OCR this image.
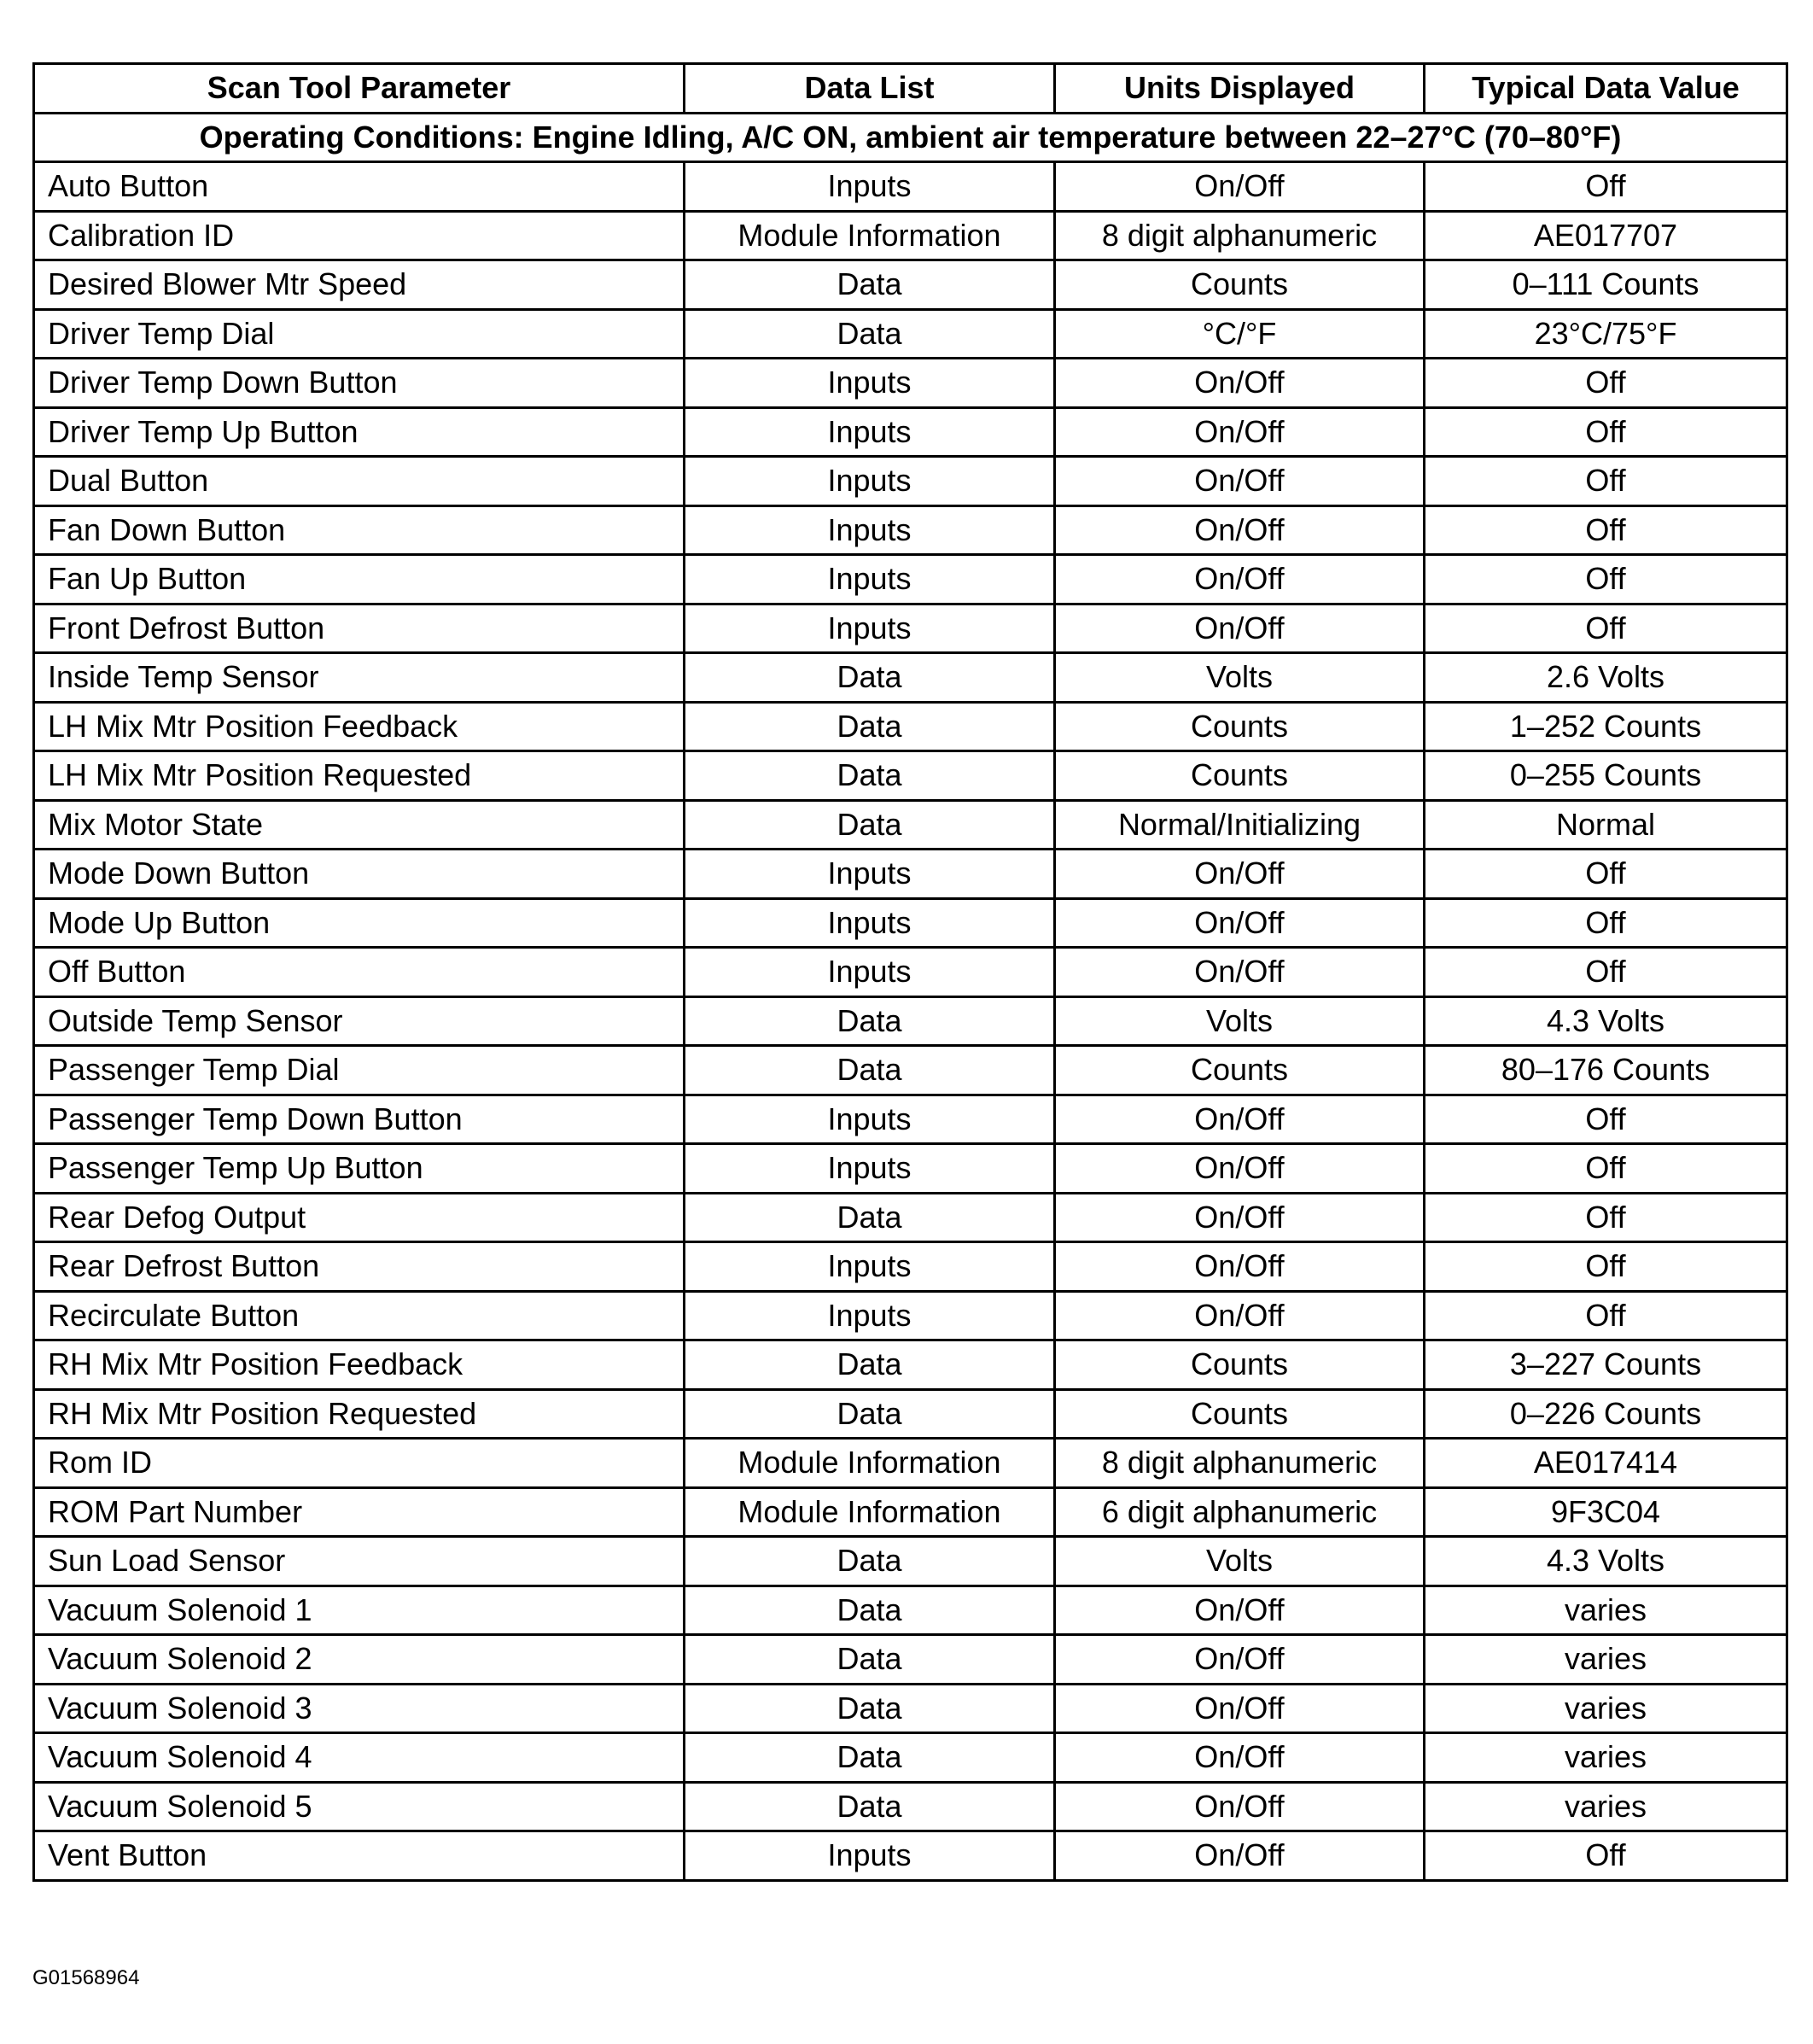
Scan Tool Parameter	Data List	Units Displayed	Typical Data Value
Operating Conditions: Engine Idling, A/C ON, ambient air temperature between 22–27°C (70–80°F)			
Auto Button	Inputs	On/Off	Off
Calibration ID	Module Information	8 digit alphanumeric	AE017707
Desired Blower Mtr Speed	Data	Counts	0–111 Counts
Driver Temp Dial	Data	°C/°F	23°C/75°F
Driver Temp Down Button	Inputs	On/Off	Off
Driver Temp Up Button	Inputs	On/Off	Off
Dual Button	Inputs	On/Off	Off
Fan Down Button	Inputs	On/Off	Off
Fan Up Button	Inputs	On/Off	Off
Front Defrost Button	Inputs	On/Off	Off
Inside Temp Sensor	Data	Volts	2.6 Volts
LH Mix Mtr Position Feedback	Data	Counts	1–252 Counts
LH Mix Mtr Position Requested	Data	Counts	0–255 Counts
Mix Motor State	Data	Normal/Initializing	Normal
Mode Down Button	Inputs	On/Off	Off
Mode Up Button	Inputs	On/Off	Off
Off Button	Inputs	On/Off	Off
Outside Temp Sensor	Data	Volts	4.3 Volts
Passenger Temp Dial	Data	Counts	80–176 Counts
Passenger Temp Down Button	Inputs	On/Off	Off
Passenger Temp Up Button	Inputs	On/Off	Off
Rear Defog Output	Data	On/Off	Off
Rear Defrost Button	Inputs	On/Off	Off
Recirculate Button	Inputs	On/Off	Off
RH Mix Mtr Position Feedback	Data	Counts	3–227 Counts
RH Mix Mtr Position Requested	Data	Counts	0–226 Counts
Rom ID	Module Information	8 digit alphanumeric	AE017414
ROM Part Number	Module Information	6 digit alphanumeric	9F3C04
Sun Load Sensor	Data	Volts	4.3 Volts
Vacuum Solenoid 1	Data	On/Off	varies
Vacuum Solenoid 2	Data	On/Off	varies
Vacuum Solenoid 3	Data	On/Off	varies
Vacuum Solenoid 4	Data	On/Off	varies
Vacuum Solenoid 5	Data	On/Off	varies
Vent Button	Inputs	On/Off	Off
G01568964
